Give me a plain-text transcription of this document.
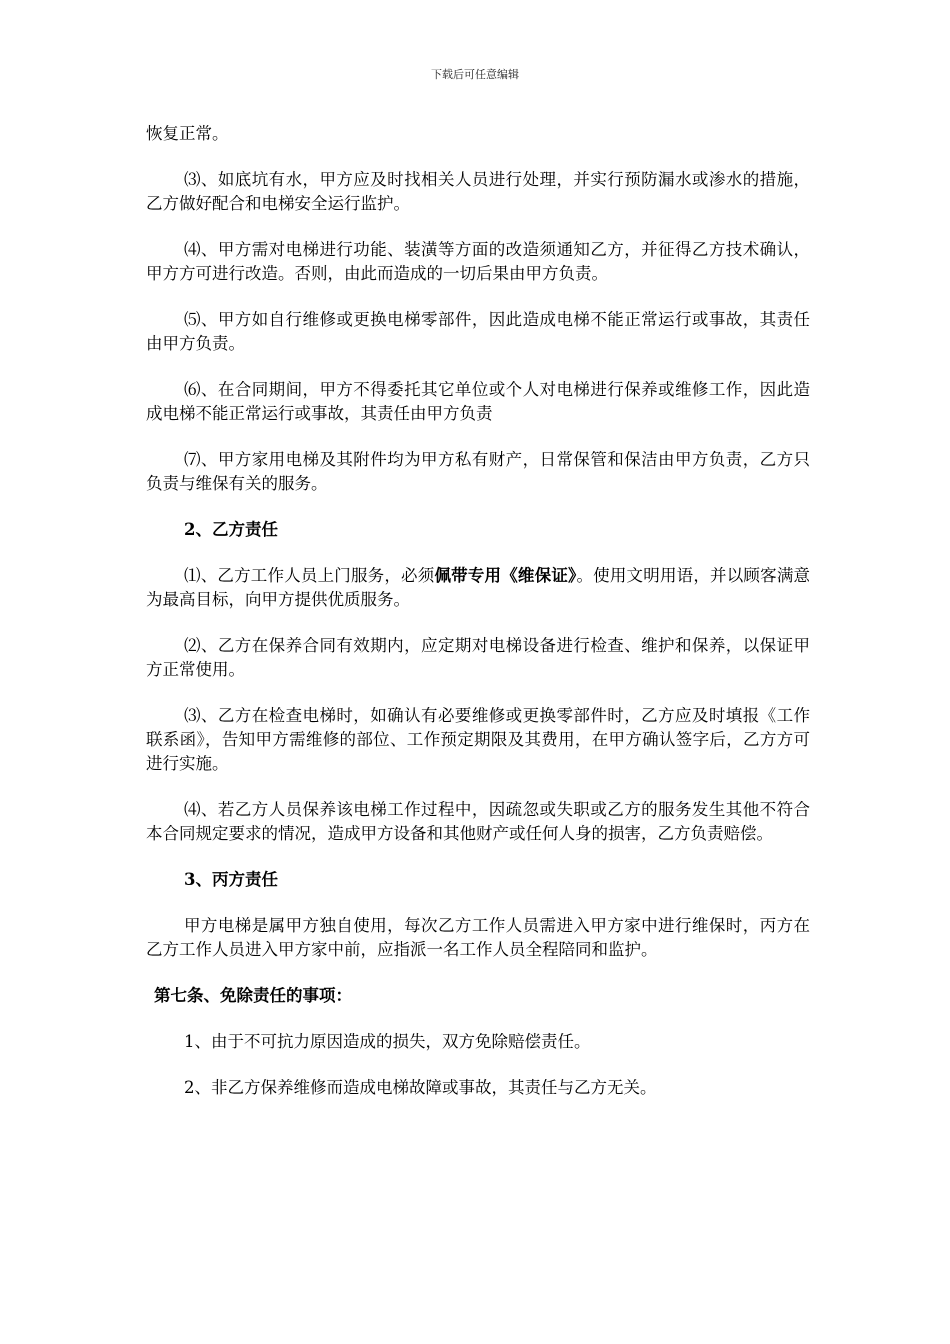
下载后可任意编辑

恢复正常。

⑶、如底坑有水，甲方应及时找相关人员进行处理，并实行预防漏水或渗水的措施，乙方做好配合和电梯安全运行监护。

⑷、甲方需对电梯进行功能、装潢等方面的改造须通知乙方，并征得乙方技术确认，甲方方可进行改造。否则，由此而造成的一切后果由甲方负责。

⑸、甲方如自行维修或更换电梯零部件，因此造成电梯不能正常运行或事故，其责任由甲方负责。

⑹、在合同期间，甲方不得委托其它单位或个人对电梯进行保养或维修工作，因此造成电梯不能正常运行或事故，其责任由甲方负责

⑺、甲方家用电梯及其附件均为甲方私有财产，日常保管和保洁由甲方负责，乙方只负责与维保有关的服务。

2、乙方责任

⑴、乙方工作人员上门服务，必须佩带专用《维保证》。使用文明用语，并以顾客满意为最高目标，向甲方提供优质服务。

⑵、乙方在保养合同有效期内，应定期对电梯设备进行检查、维护和保养，以保证甲方正常使用。

⑶、乙方在检查电梯时，如确认有必要维修或更换零部件时，乙方应及时填报《工作联系函》，告知甲方需维修的部位、工作预定期限及其费用，在甲方确认签字后，乙方方可进行实施。

⑷、若乙方人员保养该电梯工作过程中，因疏忽或失职或乙方的服务发生其他不符合本合同规定要求的情况，造成甲方设备和其他财产或任何人身的损害，乙方负责赔偿。

3、丙方责任

甲方电梯是属甲方独自使用，每次乙方工作人员需进入甲方家中进行维保时，丙方在乙方工作人员进入甲方家中前，应指派一名工作人员全程陪同和监护。

第七条、免除责任的事项：

1、由于不可抗力原因造成的损失，双方免除赔偿责任。

2、非乙方保养维修而造成电梯故障或事故，其责任与乙方无关。
